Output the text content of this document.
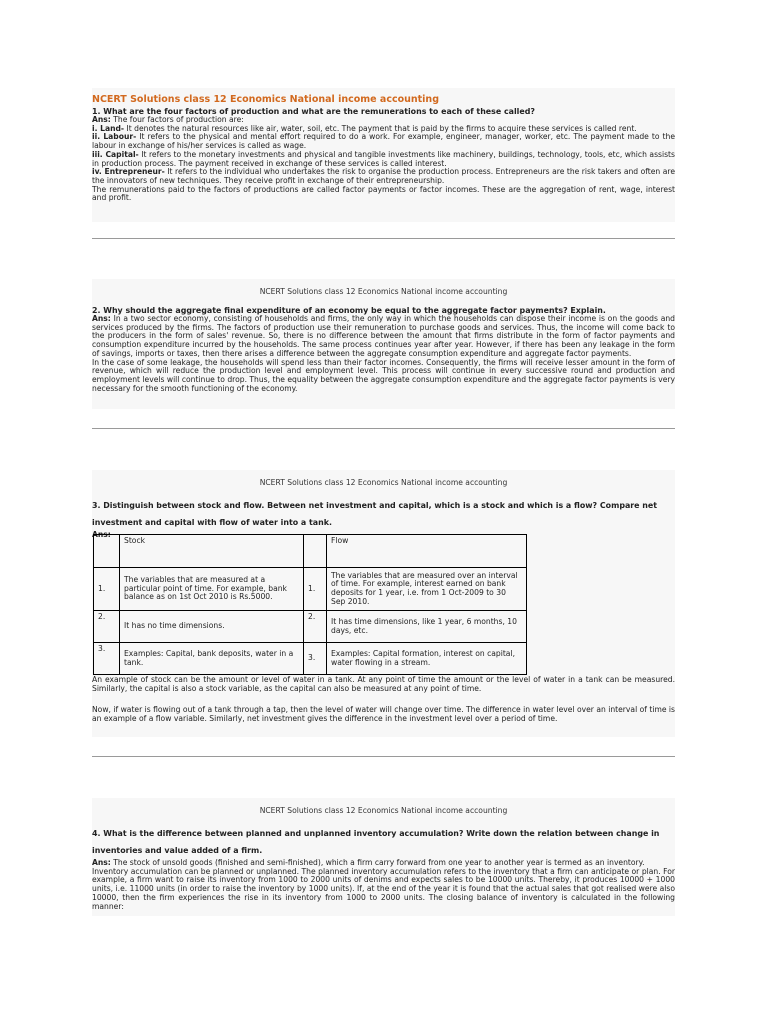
NCERT Solutions class 12 Economics National income accounting

1. What are the four factors of production and what are the remunerations to each of these called?

Ans: The four factors of production are:

i. Land- It denotes the natural resources like air, water, soil, etc. The payment that is paid by the firms to acquire these services is called rent.

ii. Labour- It refers to the physical and mental effort required to do a work. For example, engineer, manager, worker, etc. The payment made to the labour in exchange of his/her services is called as wage.

iii. Capital- It refers to the monetary investments and physical and tangible investments like machinery, buildings, technology, tools, etc, which assists in production process. The payment received in exchange of these services is called interest.

iv. Entrepreneur- It refers to the individual who undertakes the risk to organise the production process. Entrepreneurs are the risk takers and often are the innovators of new techniques. They receive profit in exchange of their entrepreneurship.

The remunerations paid to the factors of productions are called factor payments or factor incomes. These are the aggregation of rent, wage, interest and profit.

NCERT Solutions class 12 Economics National income accounting

2. Why should the aggregate final expenditure of an economy be equal to the aggregate factor payments? Explain.

Ans: In a two sector economy, consisting of households and firms, the only way in which the households can dispose their income is on the goods and services produced by the firms. The factors of production use their remuneration to purchase goods and services. Thus, the income will come back to the producers in the form of sales' revenue. So, there is no difference between the amount that firms distribute in the form of factor payments and consumption expenditure incurred by the households. The same process continues year after year. However, if there has been any leakage in the form of savings, imports or taxes, then there arises a difference between the aggregate consumption expenditure and aggregate factor payments.

In the case of some leakage, the households will spend less than their factor incomes. Consequently, the firms will receive lesser amount in the form of revenue, which will reduce the production level and employment level. This process will continue in every successive round and production and employment levels will continue to drop. Thus, the equality between the aggregate consumption expenditure and the aggregate factor payments is very necessary for the smooth functioning of the economy.

NCERT Solutions class 12 Economics National income accounting

3. Distinguish between stock and flow. Between net investment and capital, which is a stock and which is a flow? Compare net investment and capital with flow of water into a tank.

Ans:

	Stock		Flow
1.	The variables that are measured at a particular point of time. For example, bank balance as on 1st Oct 2010 is Rs.5000.	1.	The variables that are measured over an interval of time. For example, interest earned on bank deposits for 1 year, i.e. from 1 Oct-2009 to 30 Sep 2010.
2.	It has no time dimensions.	2.	It has time dimensions, like 1 year, 6 months, 10 days, etc.
3.	Examples: Capital, bank deposits, water in a tank.	3.	Examples: Capital formation, interest on capital, water flowing in a stream.

An example of stock can be the amount or level of water in a tank. At any point of time the amount or the level of water in a tank can be measured. Similarly, the capital is also a stock variable, as the capital can also be measured at any point of time.

Now, if water is flowing out of a tank through a tap, then the level of water will change over time. The difference in water level over an interval of time is an example of a flow variable. Similarly, net investment gives the difference in the investment level over a period of time.

NCERT Solutions class 12 Economics National income accounting

4. What is the difference between planned and unplanned inventory accumulation? Write down the relation between change in inventories and value added of a firm.

Ans: The stock of unsold goods (finished and semi-finished), which a firm carry forward from one year to another year is termed as an inventory.

Inventory accumulation can be planned or unplanned. The planned inventory accumulation refers to the inventory that a firm can anticipate or plan. For example, a firm want to raise its inventory from 1000 to 2000 units of denims and expects sales to be 10000 units. Thereby, it produces 10000 + 1000 units, i.e. 11000 units (in order to raise the inventory by 1000 units). If, at the end of the year it is found that the actual sales that got realised were also 10000, then the firm experiences the rise in its inventory from 1000 to 2000 units. The closing balance of inventory is calculated in the following manner:
